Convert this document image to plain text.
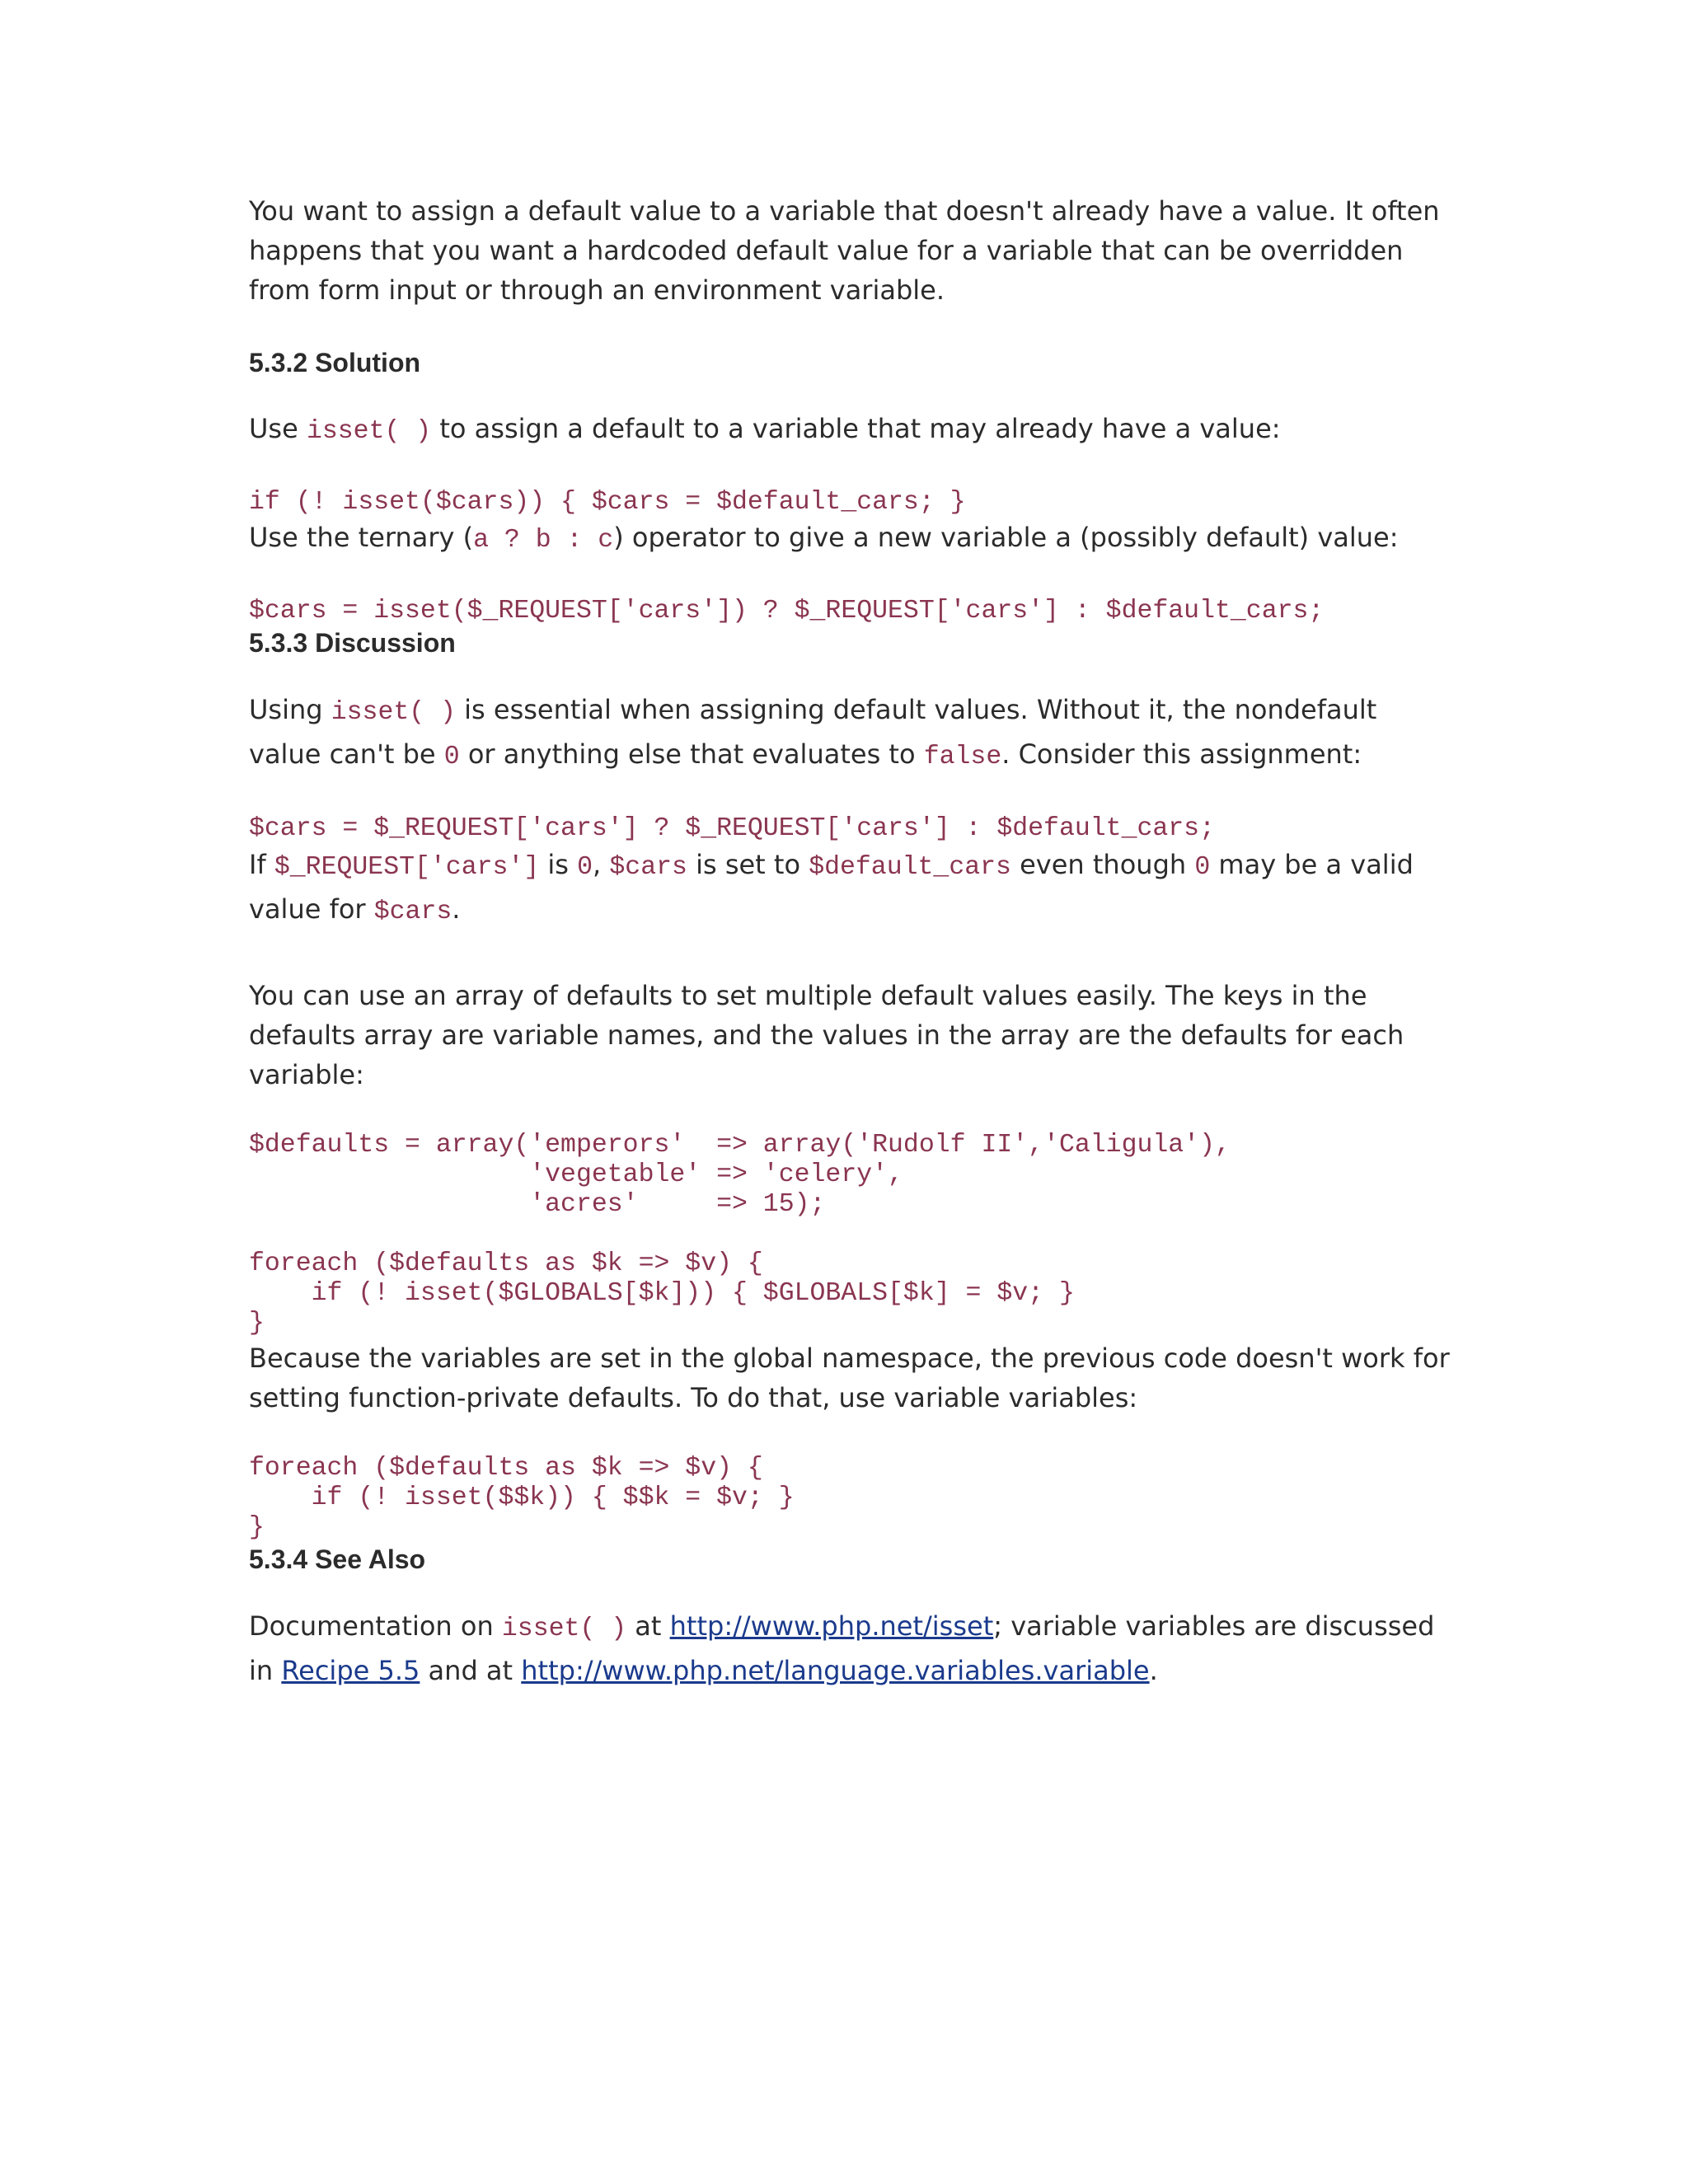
You want to assign a default value to a variable that doesn't already have a value. It often happens that you want a hardcoded default value for a variable that can be overridden from form input or through an environment variable.

5.3.2 Solution

Use isset( ) to assign a default to a variable that may already have a value:

if (! isset($cars)) { $cars = $default_cars; }

Use the ternary (a ? b : c) operator to give a new variable a (possibly default) value:

$cars = isset($_REQUEST['cars']) ? $_REQUEST['cars'] : $default_cars;
5.3.3 Discussion

Using isset( ) is essential when assigning default values. Without it, the nondefault value can't be 0 or anything else that evaluates to false. Consider this assignment:

$cars = $_REQUEST['cars'] ? $_REQUEST['cars'] : $default_cars;

If $_REQUEST['cars'] is 0, $cars is set to $default_cars even though 0 may be a valid value for $cars.

You can use an array of defaults to set multiple default values easily. The keys in the defaults array are variable names, and the values in the array are the defaults for each variable:

$defaults = array('emperors'  => array('Rudolf II','Caligula'),
'vegetable' => 'celery',
'acres'     => 15);

foreach ($defaults as $k => $v) {
if (! isset($GLOBALS[$k])) { $GLOBALS[$k] = $v; }
}

Because the variables are set in the global namespace, the previous code doesn't work for setting function-private defaults. To do that, use variable variables:

foreach ($defaults as $k => $v) {
if (! isset($$k)) { $$k = $v; }
}
5.3.4 See Also

Documentation on isset( ) at http://www.php.net/isset; variable variables are discussed in Recipe 5.5 and at http://www.php.net/language.variables.variable.
